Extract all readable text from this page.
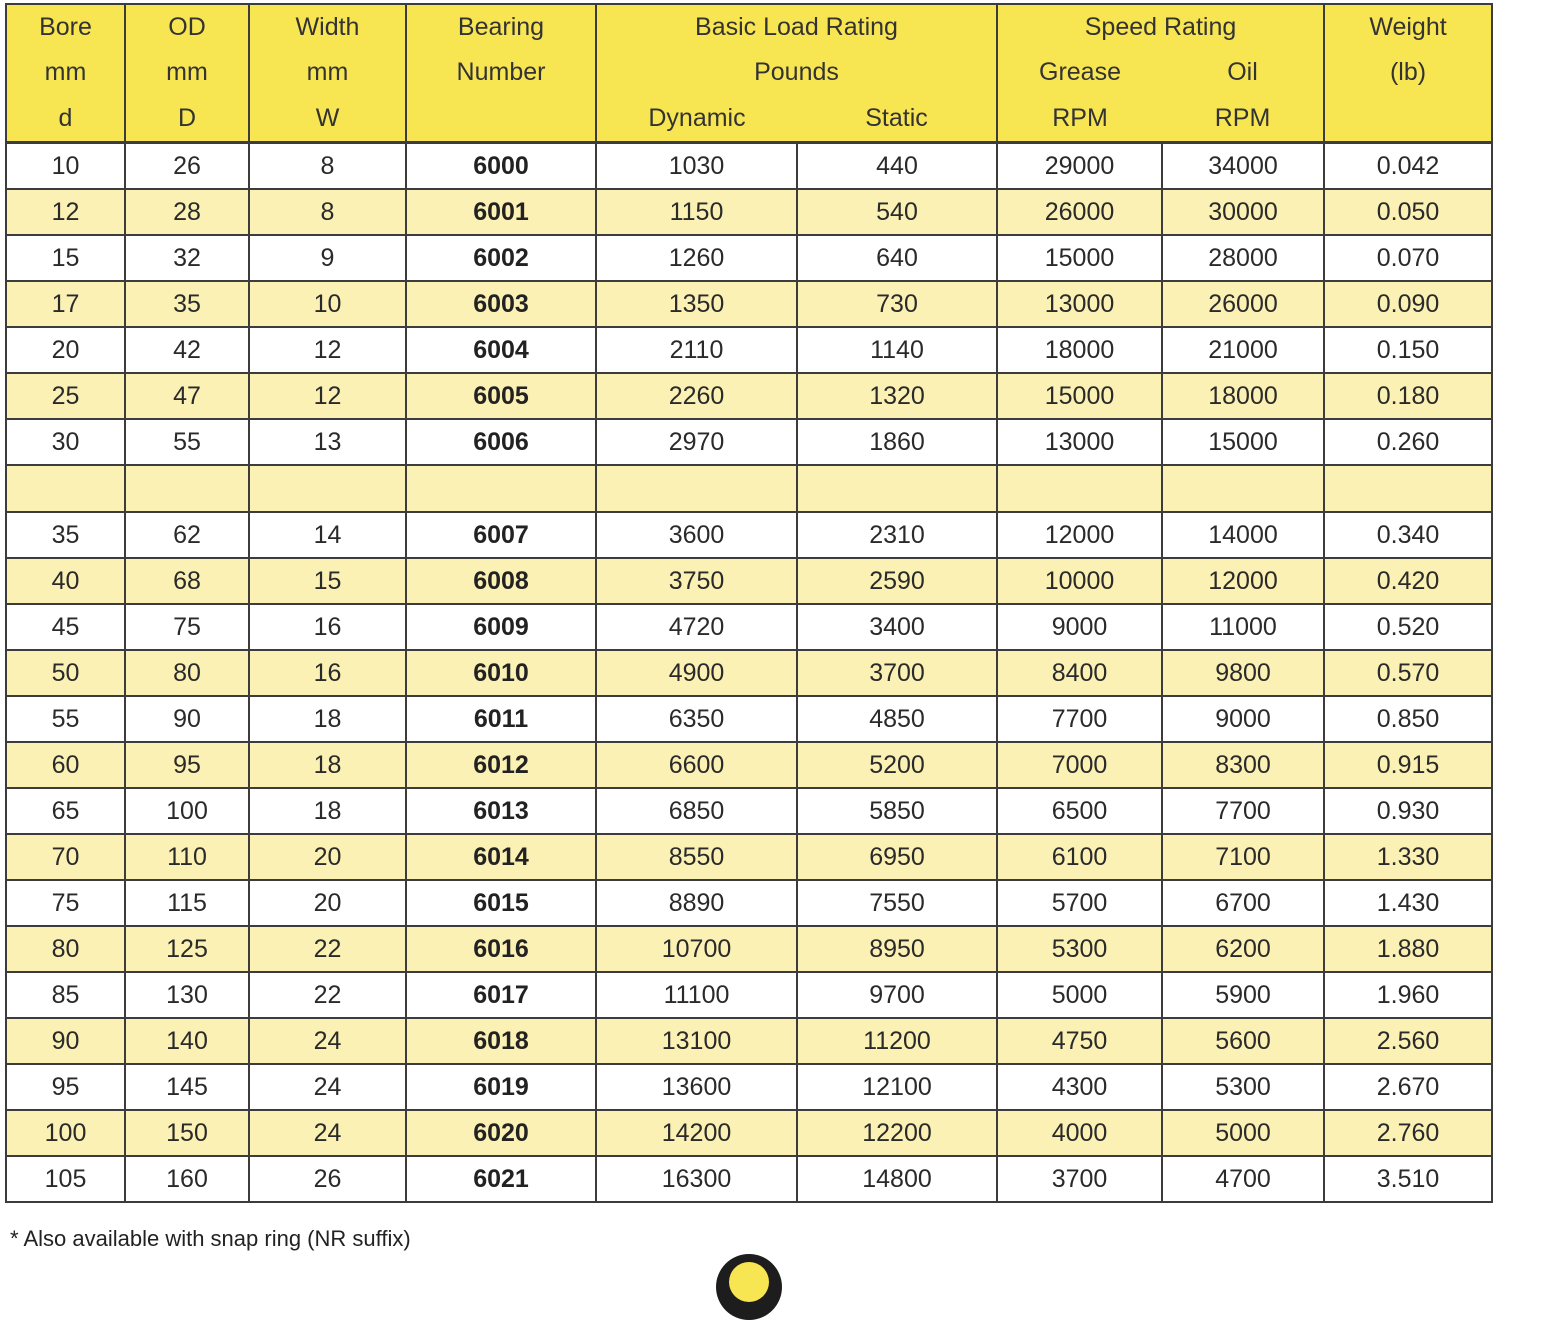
Bore	OD	Width	Bearing	Basic Load Rating		Speed Rating		Weight
mm	mm	mm	Number	Pounds		Grease	Oil	(lb)
d	D	W		Dynamic	Static	RPM	RPM	
10	26	8	6000	1030	440	29000	34000	0.042
12	28	8	6001	1150	540	26000	30000	0.050
15	32	9	6002	1260	640	15000	28000	0.070
17	35	10	6003	1350	730	13000	26000	0.090
20	42	12	6004	2110	1140	18000	21000	0.150
25	47	12	6005	2260	1320	15000	18000	0.180
30	55	13	6006	2970	1860	13000	15000	0.260

35	62	14	6007	3600	2310	12000	14000	0.340
40	68	15	6008	3750	2590	10000	12000	0.420
45	75	16	6009	4720	3400	9000	11000	0.520
50	80	16	6010	4900	3700	8400	9800	0.570
55	90	18	6011	6350	4850	7700	9000	0.850
60	95	18	6012	6600	5200	7000	8300	0.915
65	100	18	6013	6850	5850	6500	7700	0.930
70	110	20	6014	8550	6950	6100	7100	1.330
75	115	20	6015	8890	7550	5700	6700	1.430
80	125	22	6016	10700	8950	5300	6200	1.880
85	130	22	6017	11100	9700	5000	5900	1.960
90	140	24	6018	13100	11200	4750	5600	2.560
95	145	24	6019	13600	12100	4300	5300	2.670
100	150	24	6020	14200	12200	4000	5000	2.760
105	160	26	6021	16300	14800	3700	4700	3.510
* Also available with snap ring (NR suffix)
